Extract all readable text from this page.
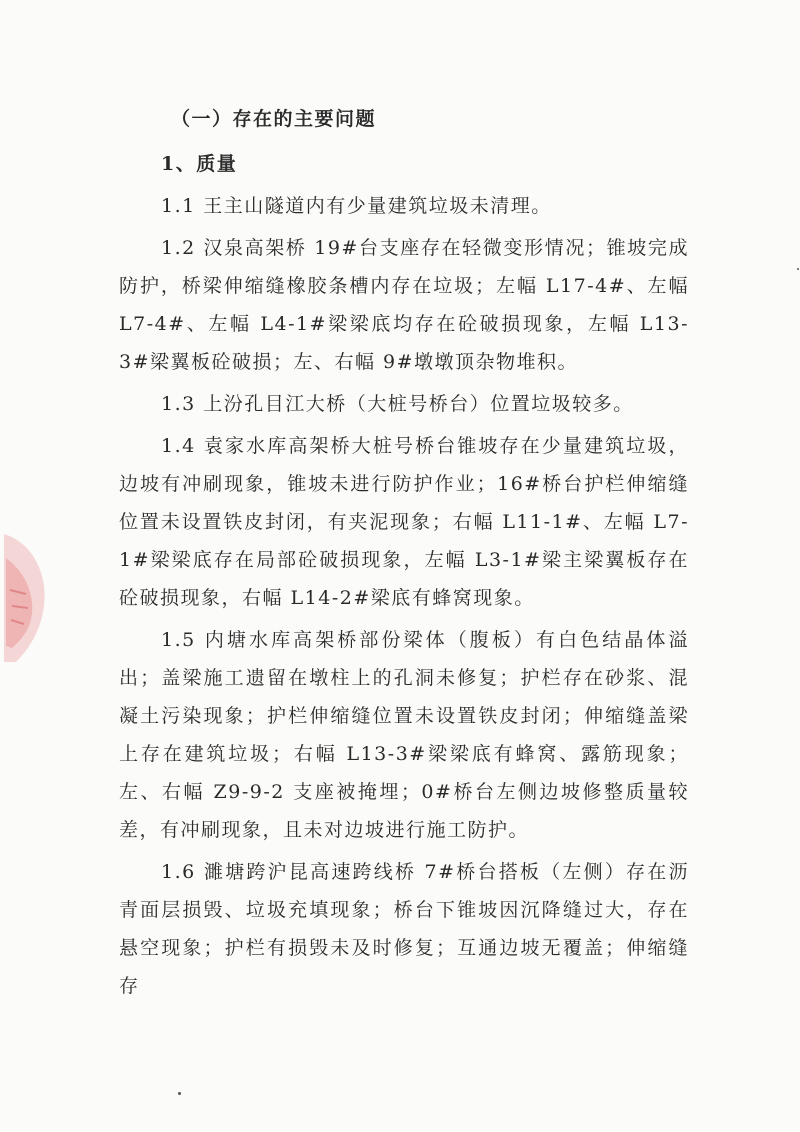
（一）存在的主要问题

1、质量

1.1 王主山隧道内有少量建筑垃圾未清理。

1.2 汉泉高架桥 19#台支座存在轻微变形情况；锥坡完成防护，桥梁伸缩缝橡胶条槽内存在垃圾；左幅 L17-4#、左幅 L7-4#、左幅 L4-1#梁梁底均存在砼破损现象，左幅 L13-3#梁翼板砼破损；左、右幅 9#墩墩顶杂物堆积。

1.3 上汾孔目江大桥（大桩号桥台）位置垃圾较多。

1.4 袁家水库高架桥大桩号桥台锥坡存在少量建筑垃圾，边坡有冲刷现象，锥坡未进行防护作业；16#桥台护栏伸缩缝位置未设置铁皮封闭，有夹泥现象；右幅 L11-1#、左幅 L7-1#梁梁底存在局部砼破损现象，左幅 L3-1#梁主梁翼板存在砼破损现象，右幅 L14-2#梁底有蜂窝现象。

1.5 内塘水库高架桥部份梁体（腹板）有白色结晶体溢出；盖梁施工遗留在墩柱上的孔洞未修复；护栏存在砂浆、混凝土污染现象；护栏伸缩缝位置未设置铁皮封闭；伸缩缝盖梁上存在建筑垃圾；右幅 L13-3#梁梁底有蜂窝、露筋现象；左、右幅 Z9-9-2 支座被掩埋；0#桥台左侧边坡修整质量较差，有冲刷现象，且未对边坡进行施工防护。

1.6 濉塘跨沪昆高速跨线桥 7#桥台搭板（左侧）存在沥青面层损毁、垃圾充填现象；桥台下锥坡因沉降缝过大，存在悬空现象；护栏有损毁未及时修复；互通边坡无覆盖；伸缩缝存
